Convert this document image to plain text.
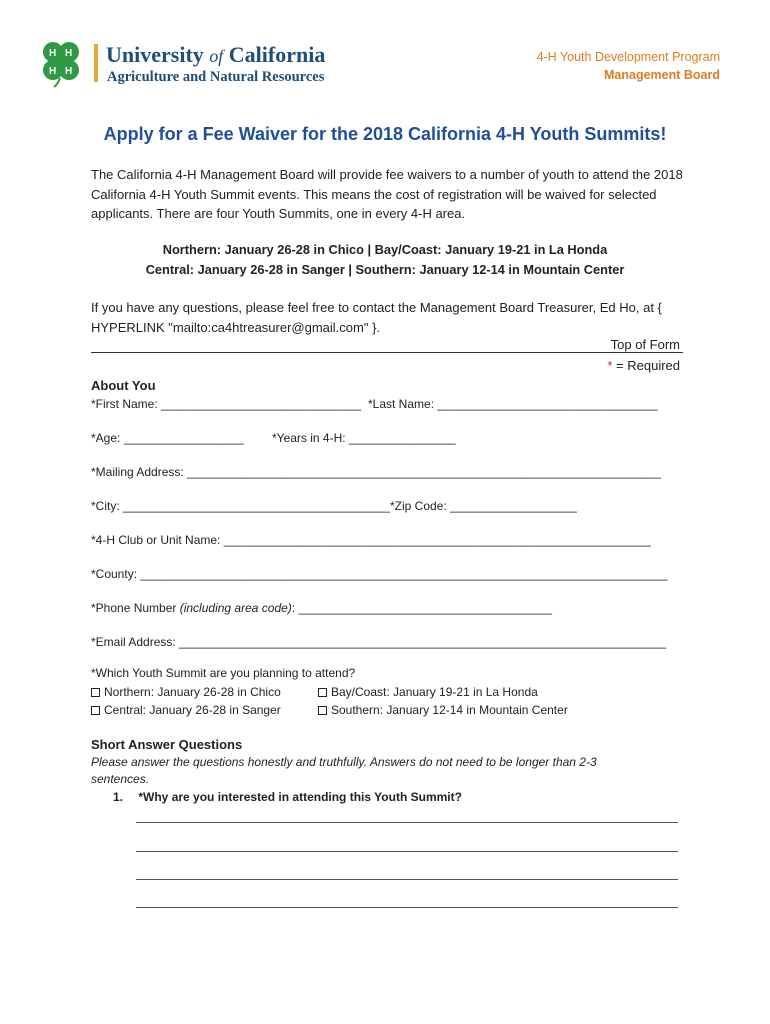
H H
H H
University of California
Agriculture and Natural Resources
4-H Youth Development Program
Management Board
Apply for a Fee Waiver for the 2018 California 4-H Youth Summits!
The California 4-H Management Board will provide fee waivers to a number of youth to attend the 2018 California 4-H Youth Summit events. This means the cost of registration will be waived for selected applicants. There are four Youth Summits, one in every 4-H area.
Northern: January 26-28 in Chico | Bay/Coast: January 19-21 in La Honda
Central: January 26-28 in Sanger | Southern: January 12-14 in Mountain Center
If you have any questions, please feel free to contact the Management Board Treasurer, Ed Ho, at { HYPERLINK "mailto:ca4htreasurer@gmail.com" }.
Top of Form
* = Required
About You
*First Name: ______________________________ *Last Name: _________________________________
*Age: __________________ *Years in 4-H: ________________
*Mailing Address: _______________________________________________________________________
*City: ________________________________________ *Zip Code: ___________________
*4-H Club or Unit Name: ________________________________________________________________
*County: _______________________________________________________________________________
*Phone Number (including area code): ______________________________________
*Email Address: _________________________________________________________________________
*Which Youth Summit are you planning to attend?
Northern: January 26-28 in Chico	Bay/Coast: January 19-21 in La Honda
Central: January 26-28 in Sanger	Southern: January 12-14 in Mountain Center
Short Answer Questions
Please answer the questions honestly and truthfully. Answers do not need to be longer than 2-3 sentences.
1. *Why are you interested in attending this Youth Summit?
